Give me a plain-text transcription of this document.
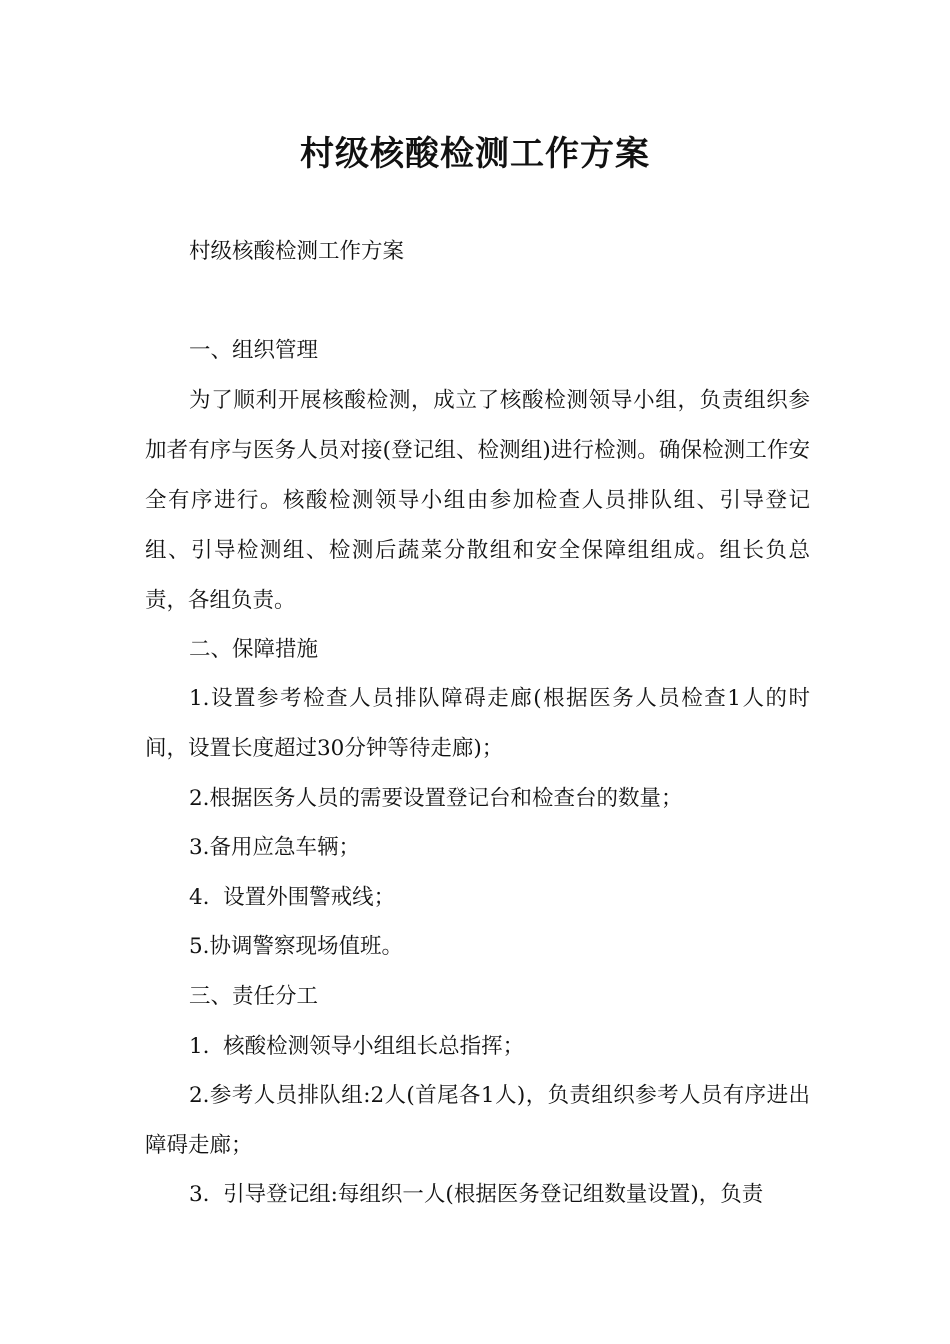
村级核酸检测工作方案

村级核酸检测工作方案

一、组织管理

为了顺利开展核酸检测，成立了核酸检测领导小组，负责组织参加者有序与医务人员对接(登记组、检测组)进行检测。确保检测工作安全有序进行。核酸检测领导小组由参加检查人员排队组、引导登记组、引导检测组、检测后蔬菜分散组和安全保障组组成。组长负总责，各组负责。

二、保障措施

1.设置参考检查人员排队障碍走廊(根据医务人员检查1人的时间，设置长度超过30分钟等待走廊)；

2.根据医务人员的需要设置登记台和检查台的数量；

3.备用应急车辆；

4.  设置外围警戒线；

5.协调警察现场值班。

三、责任分工

1.  核酸检测领导小组组长总指挥；

2.参考人员排队组:2人(首尾各1人)，负责组织参考人员有序进出障碍走廊；

3.  引导登记组:每组织一人(根据医务登记组数量设置)，负责
